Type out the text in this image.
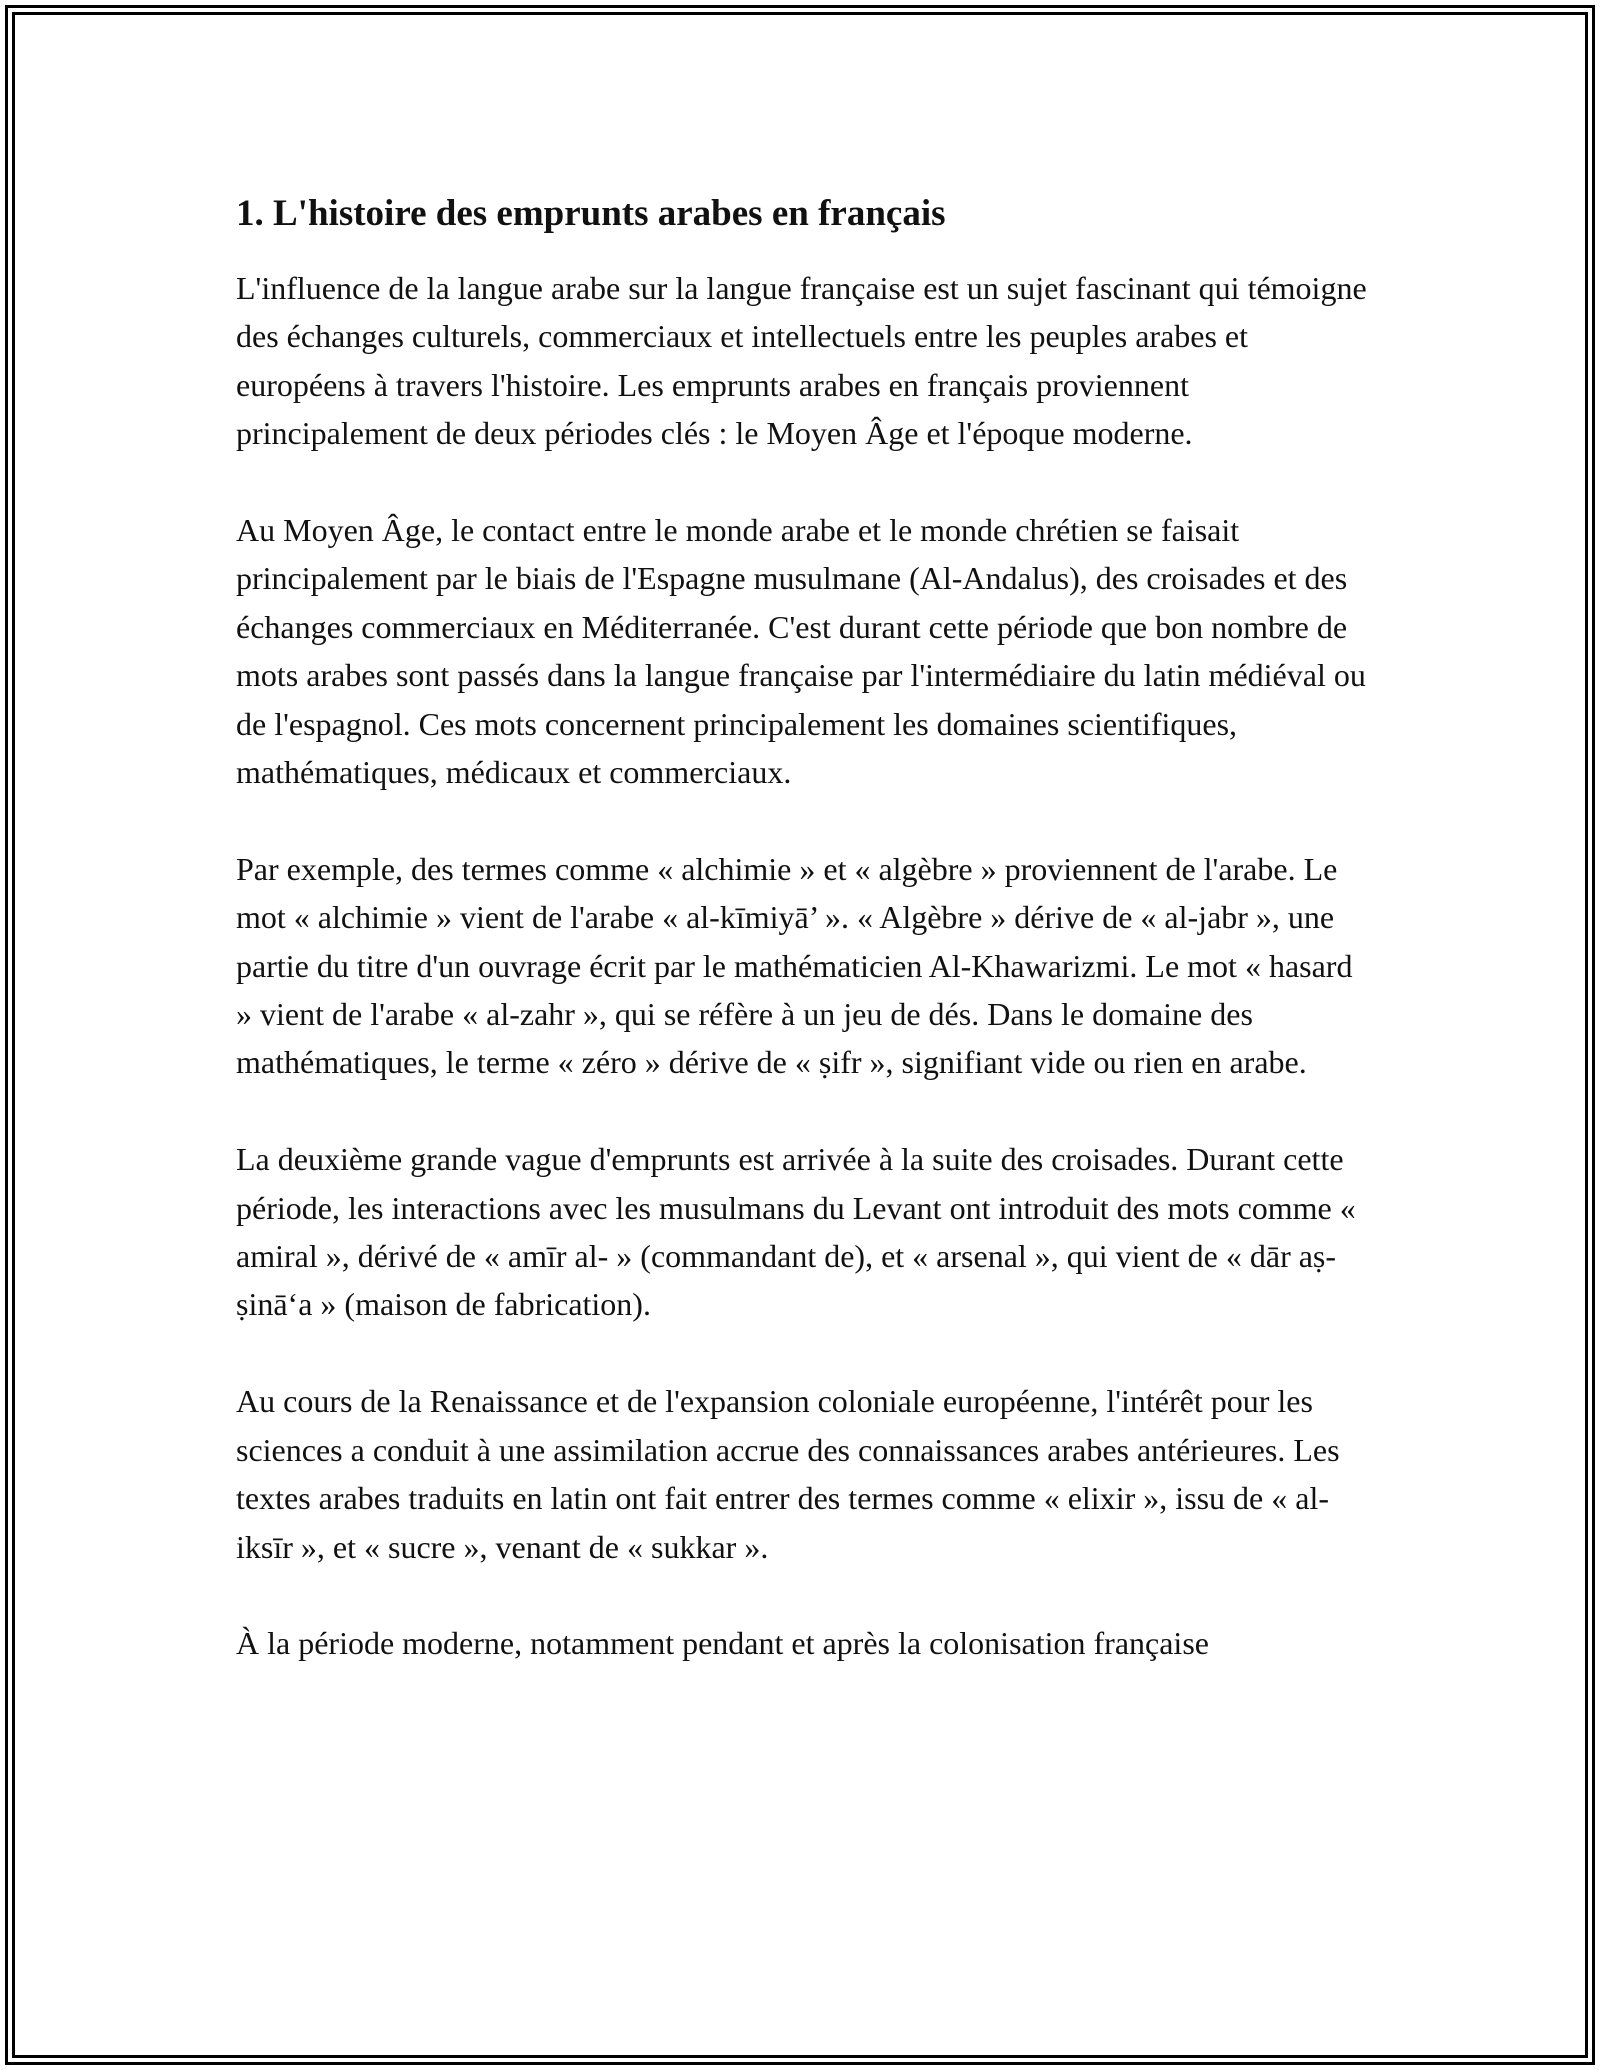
1. L'histoire des emprunts arabes en français

L'influence de la langue arabe sur la langue française est un sujet fascinant qui témoigne des échanges culturels, commerciaux et intellectuels entre les peuples arabes et européens à travers l'histoire. Les emprunts arabes en français proviennent principalement de deux périodes clés : le Moyen Âge et l'époque moderne.

Au Moyen Âge, le contact entre le monde arabe et le monde chrétien se faisait principalement par le biais de l'Espagne musulmane (Al-Andalus), des croisades et des échanges commerciaux en Méditerranée. C'est durant cette période que bon nombre de mots arabes sont passés dans la langue française par l'intermédiaire du latin médiéval ou de l'espagnol. Ces mots concernent principalement les domaines scientifiques, mathématiques, médicaux et commerciaux.

Par exemple, des termes comme « alchimie » et « algèbre » proviennent de l'arabe. Le mot « alchimie » vient de l'arabe « al-kīmiyā’ ». « Algèbre » dérive de « al-jabr », une partie du titre d'un ouvrage écrit par le mathématicien Al-Khawarizmi. Le mot « hasard » vient de l'arabe « al-zahr », qui se réfère à un jeu de dés. Dans le domaine des mathématiques, le terme « zéro » dérive de « ṣifr », signifiant vide ou rien en arabe.

La deuxième grande vague d'emprunts est arrivée à la suite des croisades. Durant cette période, les interactions avec les musulmans du Levant ont introduit des mots comme « amiral », dérivé de « amīr al- » (commandant de), et « arsenal », qui vient de « dār aṣ-ṣināʻa » (maison de fabrication).

Au cours de la Renaissance et de l'expansion coloniale européenne, l'intérêt pour les sciences a conduit à une assimilation accrue des connaissances arabes antérieures. Les textes arabes traduits en latin ont fait entrer des termes comme « elixir », issu de « al-iksīr », et « sucre », venant de « sukkar ».

À la période moderne, notamment pendant et après la colonisation française
